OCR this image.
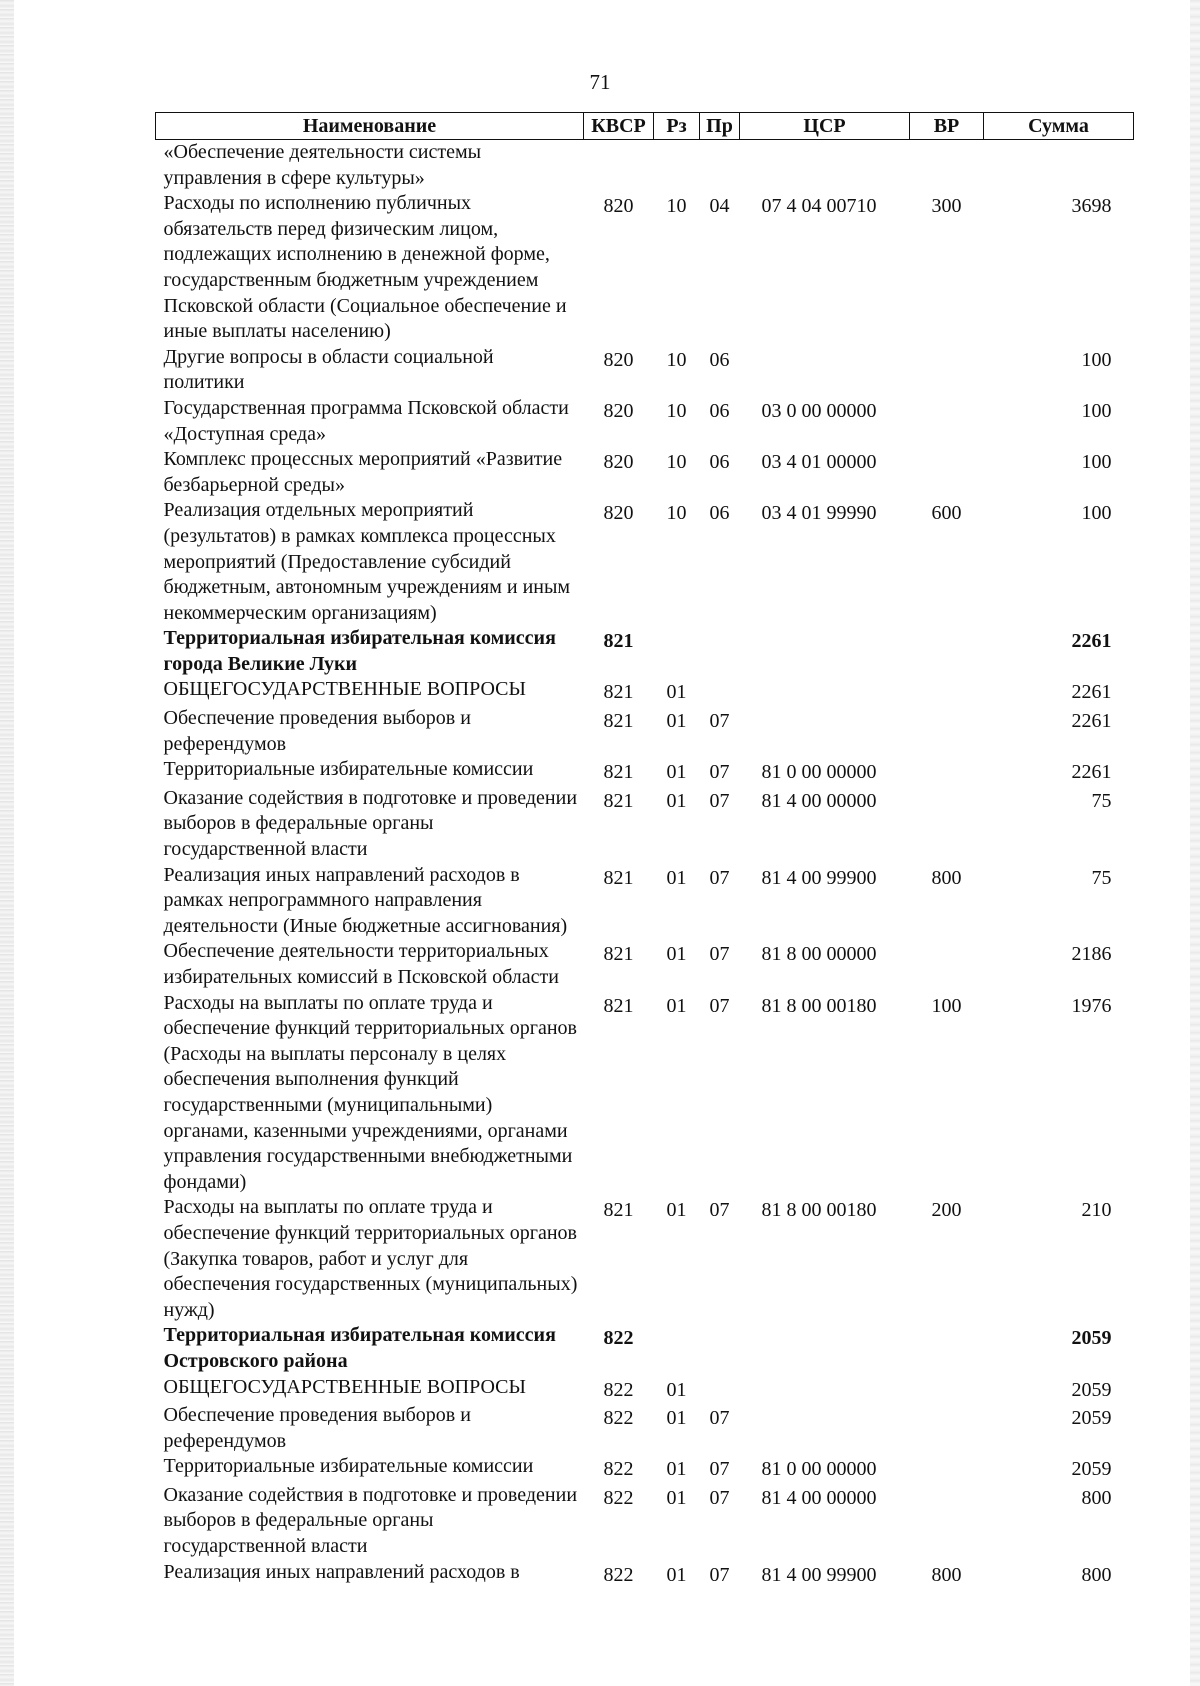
71
Наименование	КВСР	Рз	Пр	ЦСР	ВР	Сумма
«Обеспечение деятельности системы управления в сфере культуры»						
Расходы по исполнению публичных обязательств перед физическим лицом, подлежащих исполнению в денежной форме, государственным бюджетным учреждением Псковской области (Социальное обеспечение и иные выплаты населению)	820	10	04	07 4 04 00710	300	3698
Другие вопросы в области социальной политики	820	10	06			100
Государственная программа Псковской области «Доступная среда»	820	10	06	03 0 00 00000		100
Комплекс процессных мероприятий «Развитие безбарьерной среды»	820	10	06	03 4 01 00000		100
Реализация отдельных мероприятий (результатов) в рамках комплекса процессных мероприятий (Предоставление субсидий бюджетным, автономным учреждениям и иным некоммерческим организациям)	820	10	06	03 4 01 99990	600	100
Территориальная избирательная комиссия города Великие Луки	821					2261
ОБЩЕГОСУДАРСТВЕННЫЕ ВОПРОСЫ	821	01				2261
Обеспечение проведения выборов и референдумов	821	01	07			2261
Территориальные избирательные комиссии	821	01	07	81 0 00 00000		2261
Оказание содействия в подготовке и проведении выборов в федеральные органы государственной власти	821	01	07	81 4 00 00000		75
Реализация иных направлений расходов в рамках непрограммного направления деятельности (Иные бюджетные ассигнования)	821	01	07	81 4 00 99900	800	75
Обеспечение деятельности территориальных избирательных комиссий в Псковской области	821	01	07	81 8 00 00000		2186
Расходы на выплаты по оплате труда и обеспечение функций территориальных органов (Расходы на выплаты персоналу в целях обеспечения выполнения функций государственными (муниципальными) органами, казенными учреждениями, органами управления государственными внебюджетными фондами)	821	01	07	81 8 00 00180	100	1976
Расходы на выплаты по оплате труда и обеспечение функций территориальных органов (Закупка товаров, работ и услуг для обеспечения государственных (муниципальных) нужд)	821	01	07	81 8 00 00180	200	210
Территориальная избирательная комиссия Островского района	822					2059
ОБЩЕГОСУДАРСТВЕННЫЕ ВОПРОСЫ	822	01				2059
Обеспечение проведения выборов и референдумов	822	01	07			2059
Территориальные избирательные комиссии	822	01	07	81 0 00 00000		2059
Оказание содействия в подготовке и проведении выборов в федеральные органы государственной власти	822	01	07	81 4 00 00000		800
Реализация иных направлений расходов в	822	01	07	81 4 00 99900	800	800
